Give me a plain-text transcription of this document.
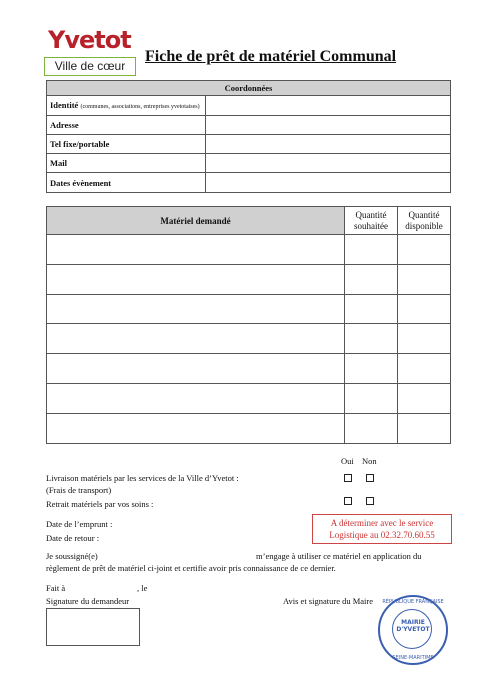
Yvetot
Ville de cœur
Fiche de prêt de matériel Communal
Coordonnées	
Identité (communes, associations, entreprises yvetotaises)	
Adresse	
Tel fixe/portable	
Mail	
Dates évènement	
Matériel demandé	Quantité souhaitée	Quantité disponible

Oui Non
Livraison matériels par les services de la Ville d’Yvetot :
(Frais de transport)
Retrait matériels par vos soins :
Date de l’emprunt :
Date de retour :
A déterminer avec le service
Logistique au 02.32.70.60.55
Je soussigné(e)	m’engage à utiliser ce matériel en application du
règlement de prêt de matériel ci-joint et certifie avoir pris connaissance de ce dernier.
Fait à	, le
Signature du demandeur	Avis et signature du Maire	RÉPUBLIQUE FRANÇAISE
MAIRIE
D'YVETOT
SEINE-MARITIME
